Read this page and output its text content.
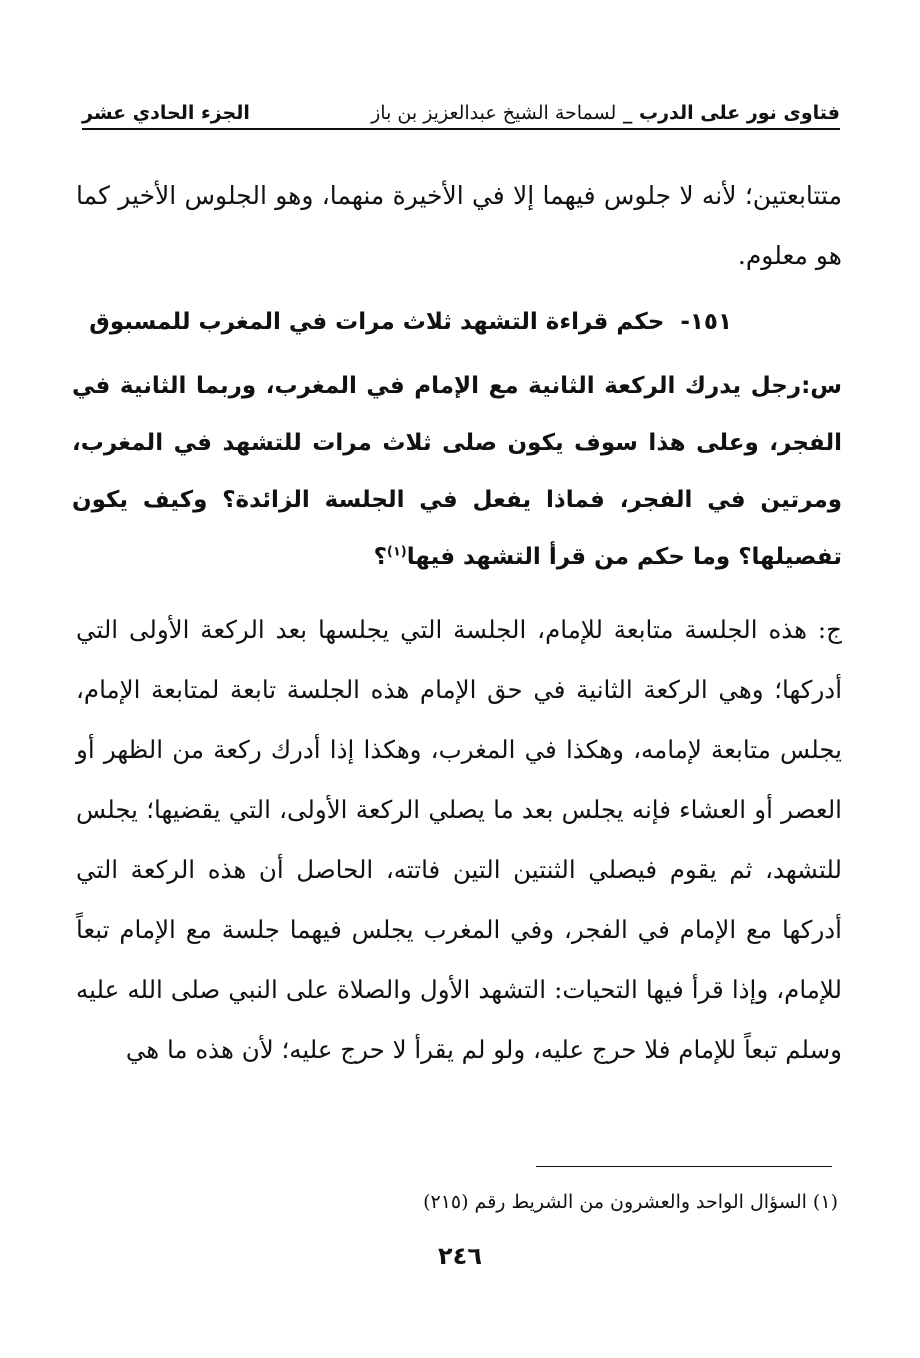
فتاوى نور على الدرب _ لسماحة الشيخ عبدالعزيز بن باز
الجزء الحادي عشر

متتابعتين؛ لأنه لا جلوس فيهما إلا في الأخيرة منهما، وهو الجلوس الأخير كما هو معلوم.

١٥١-حكم قراءة التشهد ثلاث مرات في المغرب للمسبوق

س:رجل يدرك الركعة الثانية مع الإمام في المغرب، وربما الثانية في الفجر، وعلى هذا سوف يكون صلى ثلاث مرات للتشهد في المغرب، ومرتين في الفجر، فماذا يفعل في الجلسة الزائدة؟ وكيف يكون تفصيلها؟ وما حكم من قرأ التشهد فيها$^{(١)}$؟

ج: هذه الجلسة متابعة للإمام، الجلسة التي يجلسها بعد الركعة الأولى التي أدركها؛ وهي الركعة الثانية في حق الإمام هذه الجلسة تابعة لمتابعة الإمام، يجلس متابعة لإمامه، وهكذا في المغرب، وهكذا إذا أدرك ركعة من الظهر أو العصر أو العشاء فإنه يجلس بعد ما يصلي الركعة الأولى، التي يقضيها؛ يجلس للتشهد، ثم يقوم فيصلي الثنتين التين فاتته، الحاصل أن هذه الركعة التي أدركها مع الإمام في الفجر، وفي المغرب يجلس فيهما جلسة مع الإمام تبعاً للإمام، وإذا قرأ فيها التحيات: التشهد الأول والصلاة على النبي صلى الله عليه وسلم تبعاً للإمام فلا حرج عليه، ولو لم يقرأ لا حرج عليه؛ لأن هذه ما هي

(١) السؤال الواحد والعشرون من الشريط رقم (٢١٥)

٢٤٦
